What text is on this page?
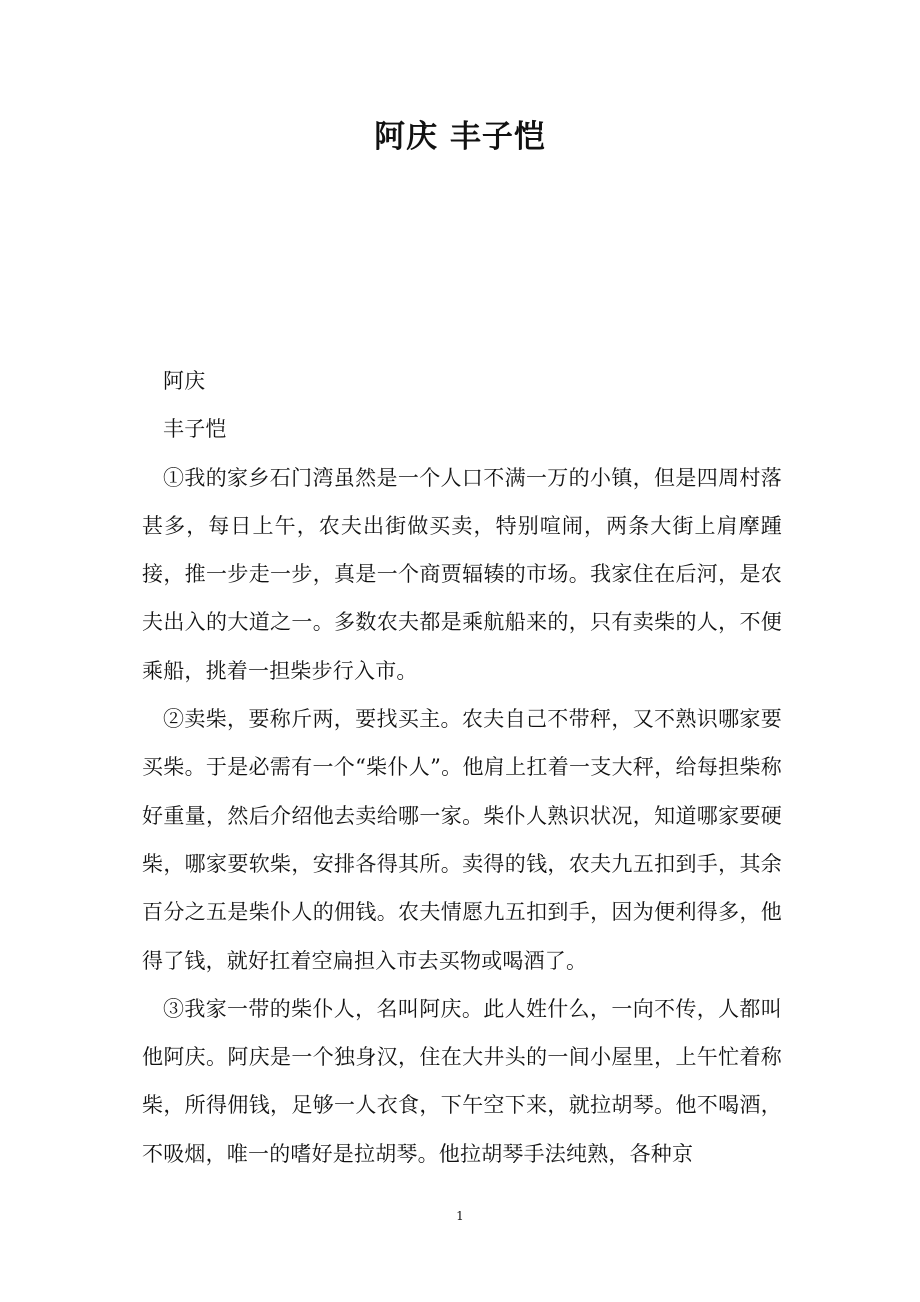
阿庆 丰子恺

阿庆

丰子恺

①我的家乡石门湾虽然是一个人口不满一万的小镇，但是四周村落甚多，每日上午，农夫出街做买卖，特别喧闹，两条大街上肩摩踵接，推一步走一步，真是一个商贾辐辏的市场。我家住在后河，是农夫出入的大道之一。多数农夫都是乘航船来的，只有卖柴的人，不便乘船，挑着一担柴步行入市。

②卖柴，要称斤两，要找买主。农夫自己不带秤，又不熟识哪家要买柴。于是必需有一个“柴仆人”。他肩上扛着一支大秤，给每担柴称好重量，然后介绍他去卖给哪一家。柴仆人熟识状况，知道哪家要硬柴，哪家要软柴，安排各得其所。卖得的钱，农夫九五扣到手，其余百分之五是柴仆人的佣钱。农夫情愿九五扣到手，因为便利得多，他得了钱，就好扛着空扁担入市去买物或喝酒了。

③我家一带的柴仆人，名叫阿庆。此人姓什么，一向不传，人都叫他阿庆。阿庆是一个独身汉，住在大井头的一间小屋里，上午忙着称柴，所得佣钱，足够一人衣食，下午空下来，就拉胡琴。他不喝酒，不吸烟，唯一的嗜好是拉胡琴。他拉胡琴手法纯熟，各种京

1
